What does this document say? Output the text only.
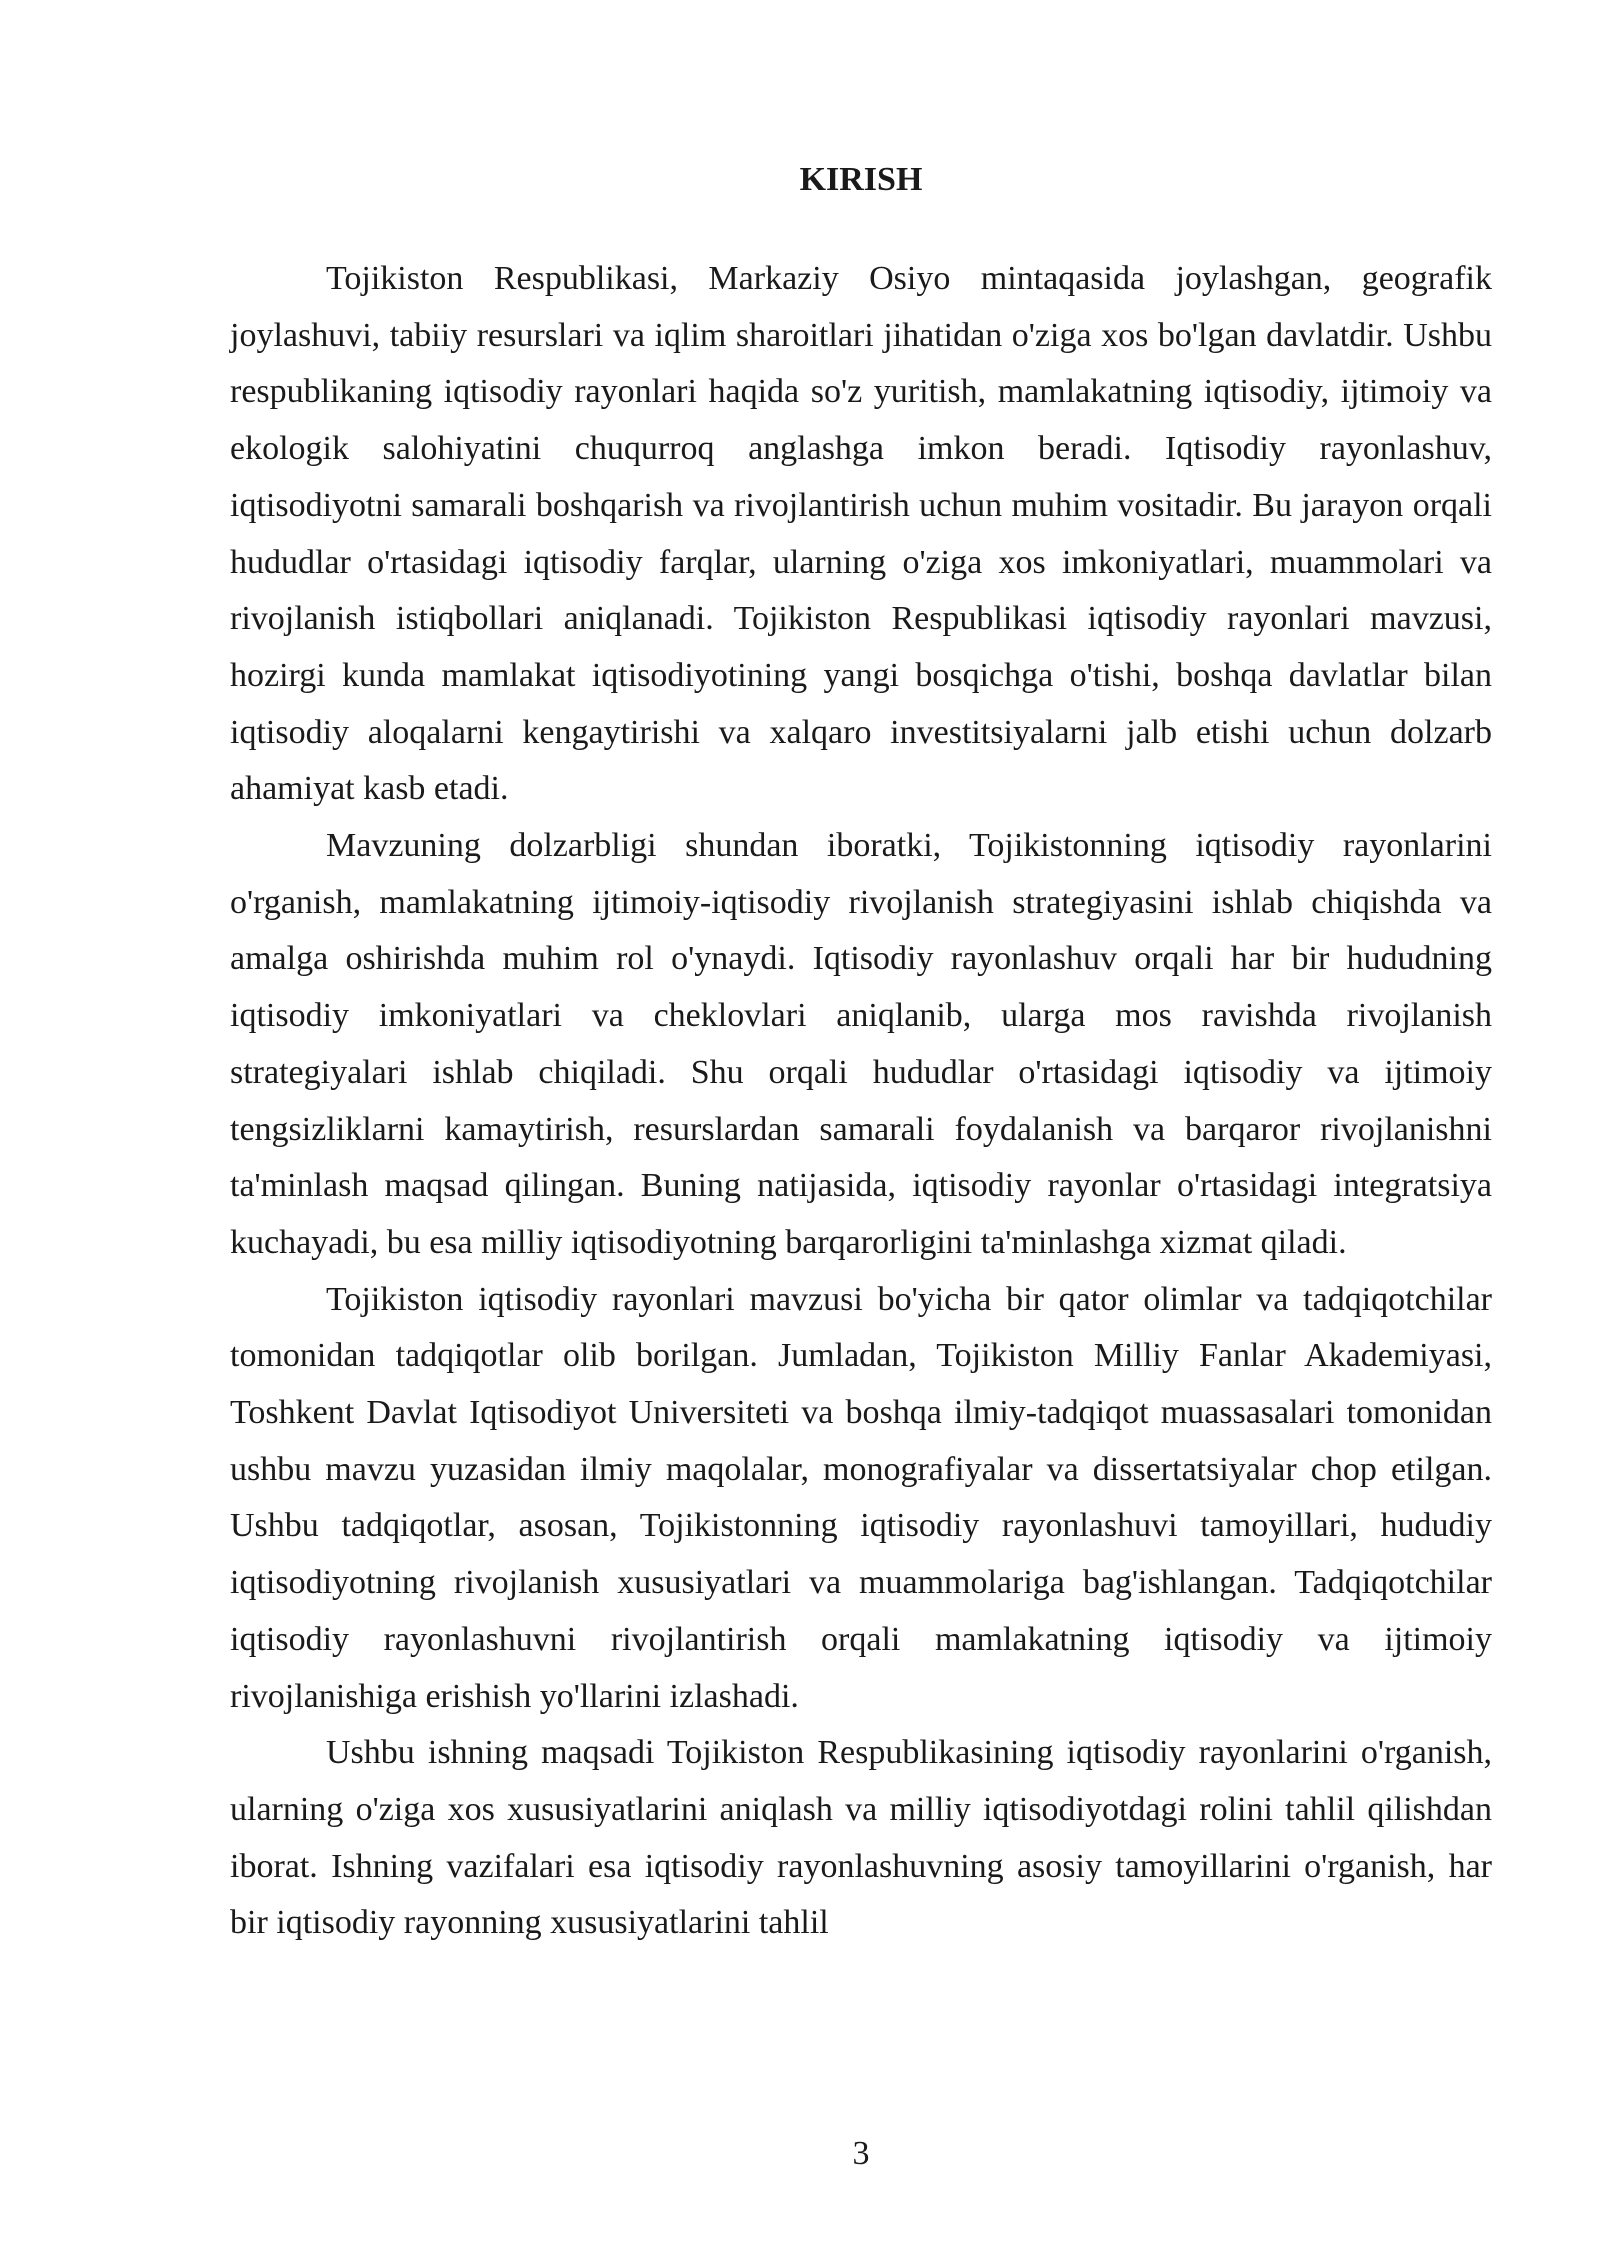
KIRISH

Tojikiston Respublikasi, Markaziy Osiyo mintaqasida joylashgan, geografik joylashuvi, tabiiy resurslari va iqlim sharoitlari jihatidan o'ziga xos bo'lgan davlatdir. Ushbu respublikaning iqtisodiy rayonlari haqida so'z yuritish, mamlakatning iqtisodiy, ijtimoiy va ekologik salohiyatini chuqurroq anglashga imkon beradi. Iqtisodiy rayonlashuv, iqtisodiyotni samarali boshqarish va rivojlantirish uchun muhim vositadir. Bu jarayon orqali hududlar o'rtasidagi iqtisodiy farqlar, ularning o'ziga xos imkoniyatlari, muammolari va rivojlanish istiqbollari aniqlanadi. Tojikiston Respublikasi iqtisodiy rayonlari mavzusi, hozirgi kunda mamlakat iqtisodiyotining yangi bosqichga o'tishi, boshqa davlatlar bilan iqtisodiy aloqalarni kengaytirishi va xalqaro investitsiyalarni jalb etishi uchun dolzarb ahamiyat kasb etadi.

Mavzuning dolzarbligi shundan iboratki, Tojikistonning iqtisodiy rayonlarini o'rganish, mamlakatning ijtimoiy-iqtisodiy rivojlanish strategiyasini ishlab chiqishda va amalga oshirishda muhim rol o'ynaydi. Iqtisodiy rayonlashuv orqali har bir hududning iqtisodiy imkoniyatlari va cheklovlari aniqlanib, ularga mos ravishda rivojlanish strategiyalari ishlab chiqiladi. Shu orqali hududlar o'rtasidagi iqtisodiy va ijtimoiy tengsizliklarni kamaytirish, resurslardan samarali foydalanish va barqaror rivojlanishni ta'minlash maqsad qilingan. Buning natijasida, iqtisodiy rayonlar o'rtasidagi integratsiya kuchayadi, bu esa milliy iqtisodiyotning barqarorligini ta'minlashga xizmat qiladi.

Tojikiston iqtisodiy rayonlari mavzusi bo'yicha bir qator olimlar va tadqiqotchilar tomonidan tadqiqotlar olib borilgan. Jumladan, Tojikiston Milliy Fanlar Akademiyasi, Toshkent Davlat Iqtisodiyot Universiteti va boshqa ilmiy-tadqiqot muassasalari tomonidan ushbu mavzu yuzasidan ilmiy maqolalar, monografiyalar va dissertatsiyalar chop etilgan. Ushbu tadqiqotlar, asosan, Tojikistonning iqtisodiy rayonlashuvi tamoyillari, hududiy iqtisodiyotning rivojlanish xususiyatlari va muammolariga bag'ishlangan. Tadqiqotchilar iqtisodiy rayonlashuvni rivojlantirish orqali mamlakatning iqtisodiy va ijtimoiy rivojlanishiga erishish yo'llarini izlashadi.

Ushbu ishning maqsadi Tojikiston Respublikasining iqtisodiy rayonlarini o'rganish, ularning o'ziga xos xususiyatlarini aniqlash va milliy iqtisodiyotdagi rolini tahlil qilishdan iborat. Ishning vazifalari esa iqtisodiy rayonlashuvning asosiy tamoyillarini o'rganish, har bir iqtisodiy rayonning xususiyatlarini tahlil

3
